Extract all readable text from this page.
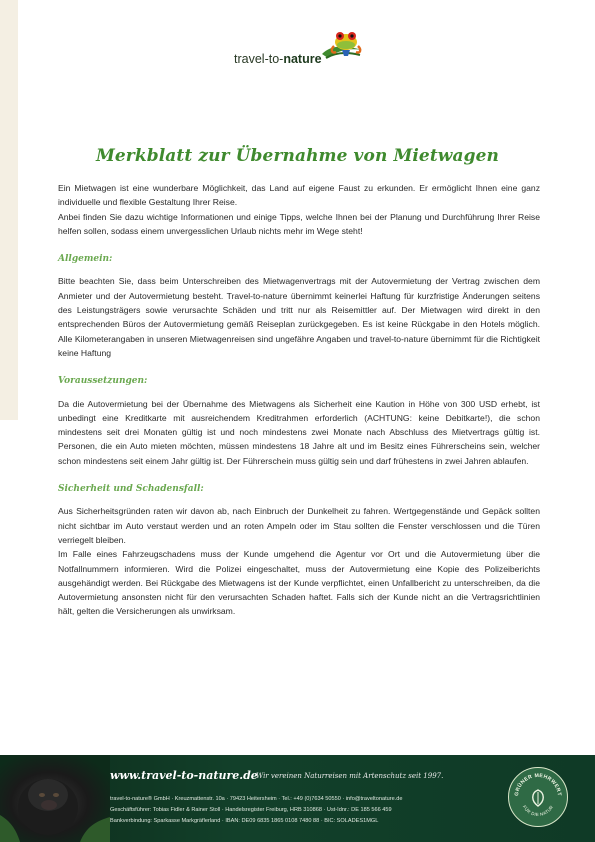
travel-to-nature
Merkblatt zur Übernahme von Mietwagen

Ein Mietwagen ist eine wunderbare Möglichkeit, das Land auf eigene Faust zu erkunden. Er ermöglicht Ihnen eine ganz individuelle und flexible Gestaltung Ihrer Reise.

Anbei finden Sie dazu wichtige Informationen und einige Tipps, welche Ihnen bei der Planung und Durchführung Ihrer Reise helfen sollen, sodass einem unvergesslichen Urlaub nichts mehr im Wege steht!

Allgemein:

Bitte beachten Sie, dass beim Unterschreiben des Mietwagenvertrags mit der Autovermietung der Vertrag zwischen dem Anmieter und der Autovermietung besteht. Travel-to-nature übernimmt keinerlei Haftung für kurzfristige Änderungen seitens des Leistungsträgers sowie verursachte Schäden und tritt nur als Reisemittler auf. Der Mietwagen wird direkt in den entsprechenden Büros der Autovermietung gemäß Reiseplan zurückgegeben. Es ist keine Rückgabe in den Hotels möglich. Alle Kilometerangaben in unseren Mietwagenreisen sind ungefähre Angaben und travel-to-nature übernimmt für die Richtigkeit keine Haftung

Voraussetzungen:

Da die Autovermietung bei der Übernahme des Mietwagens als Sicherheit eine Kaution in Höhe von 300 USD erhebt, ist unbedingt eine Kreditkarte mit ausreichendem Kreditrahmen erforderlich (ACHTUNG: keine Debitkarte!), die schon mindestens seit drei Monaten gültig ist und noch mindestens zwei Monate nach Abschluss des Mietvertrags gültig ist. Personen, die ein Auto mieten möchten, müssen mindestens 18 Jahre alt und im Besitz eines Führerscheins sein, welcher schon mindestens seit einem Jahr gültig ist. Der Führerschein muss gültig sein und darf frühestens in zwei Jahren ablaufen.

Sicherheit und Schadensfall:

Aus Sicherheitsgründen raten wir davon ab, nach Einbruch der Dunkelheit zu fahren. Wertgegenstände und Gepäck sollten nicht sichtbar im Auto verstaut werden und an roten Ampeln oder im Stau sollten die Fenster verschlossen und die Türen verriegelt bleiben.

Im Falle eines Fahrzeugschadens muss der Kunde umgehend die Agentur vor Ort und die Autovermietung über die Notfallnummern informieren. Wird die Polizei eingeschaltet, muss der Autovermietung eine Kopie des Polizeiberichts ausgehändigt werden. Bei Rückgabe des Mietwagens ist der Kunde verpflichtet, einen Unfallbericht zu unterschreiben, da die Autovermietung ansonsten nicht für den verursachten Schaden haftet. Falls sich der Kunde nicht an die Vertragsrichtlinien hält, gelten die Versicherungen als unwirksam.

www.travel-to-nature.de
Wir vereinen Naturreisen mit Artenschutz seit 1997.
travel-to-nature® GmbH · Kreuzmattenstr. 10a · 79423 Heitersheim · Tel.: +49 (0)7634 50550 · info@traveltonature.de
Geschäftsführer: Tobias Fidler & Rainer Stoll · Handelsregister Freiburg, HRB 310868 · Ust-Idnr.: DE 185 566 459
Bankverbindung: Sparkasse Markgräflerland · IBAN: DE09 6835 1865 0108 7480 88 · BIC: SOLADES1MGL
GRÜNER MEHRWERT
FÜR DIE NATUR
